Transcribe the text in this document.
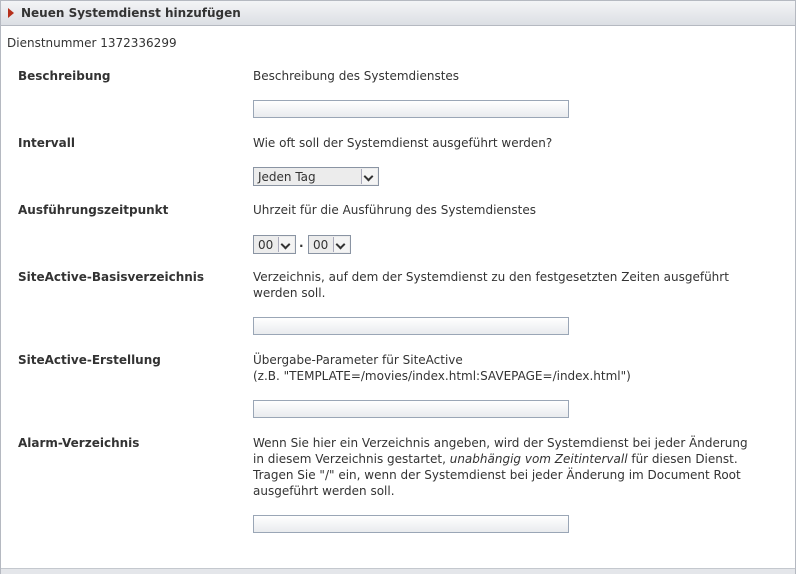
Neuen Systemdienst hinzufügen
Dienstnummer 1372336299
Beschreibung	Beschreibung des Systemdienstes
Intervall	Wie oft soll der Systemdienst ausgeführt werden?
Jeden Tag
Ausführungszeitpunkt	Uhrzeit für die Ausführung des Systemdienstes
00 . 00
SiteActive-Basisverzeichnis	Verzeichnis, auf dem der Systemdienst zu den festgesetzten Zeiten ausgeführt
werden soll.
SiteActive-Erstellung	Übergabe-Parameter für SiteActive
(z.B. "TEMPLATE=/movies/index.html:SAVEPAGE=/index.html")
Alarm-Verzeichnis	Wenn Sie hier ein Verzeichnis angeben, wird der Systemdienst bei jeder Änderung
in diesem Verzeichnis gestartet, unabhängig vom Zeitintervall für diesen Dienst.
Tragen Sie "/" ein, wenn der Systemdienst bei jeder Änderung im Document Root
ausgeführt werden soll.
